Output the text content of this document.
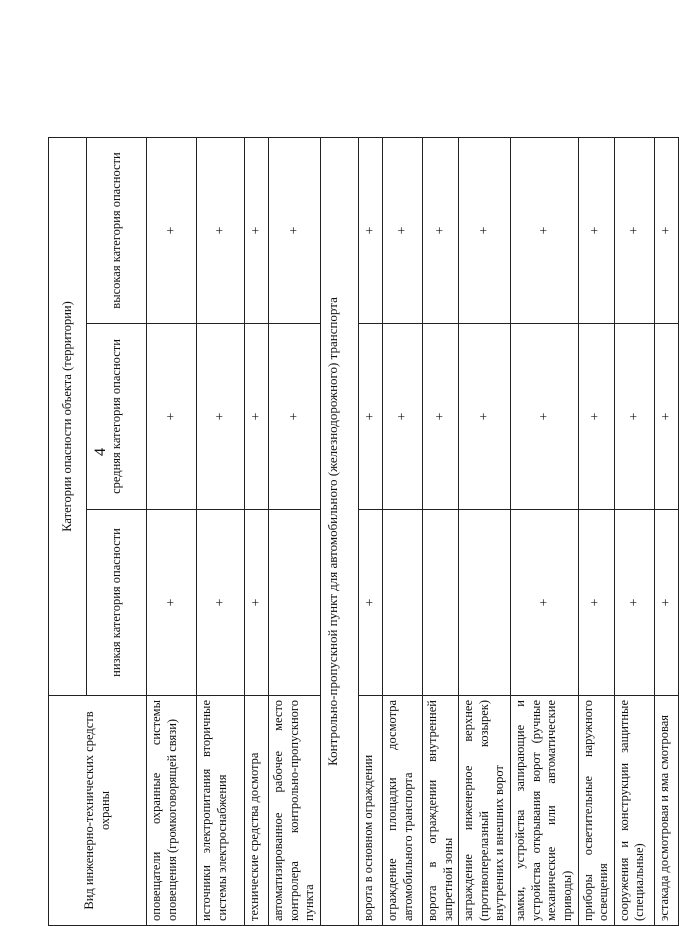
4
Вид инженерно-технических средств охраны	Категории опасности объекта (территории)		
	низкая категория опасности	средняя категория опасности	высокая категория опасности
оповещатели охранные системы оповещения (громкоговорящей связи)	+	+	+
источники электропитания вторичные системы электроснабжения	+	+	+
технические средства досмотра	+	+	+
автоматизированное рабочее место контролера контрольно-пропускного пункта		+	+
Контрольно-пропускной пункт для автомобильного (железнодорожного) транспорта			
ворота в основном ограждении	+	+	+
ограждение площадки досмотра автомобильного транспорта		+	+
ворота в ограждении внутренней запретной зоны		+	+
заграждение инженерное верхнее (противоперелазный козырек) внутренних и внешних ворот		+	+
замки, устройства запирающие и устройства открывания ворот (ручные механические или автоматические приводы)	+	+	+
приборы осветительные наружного освещения	+	+	+
сооружения и конструкции защитные (специальные)	+	+	+
эстакада досмотровая и яма смотровая	+	+	+
